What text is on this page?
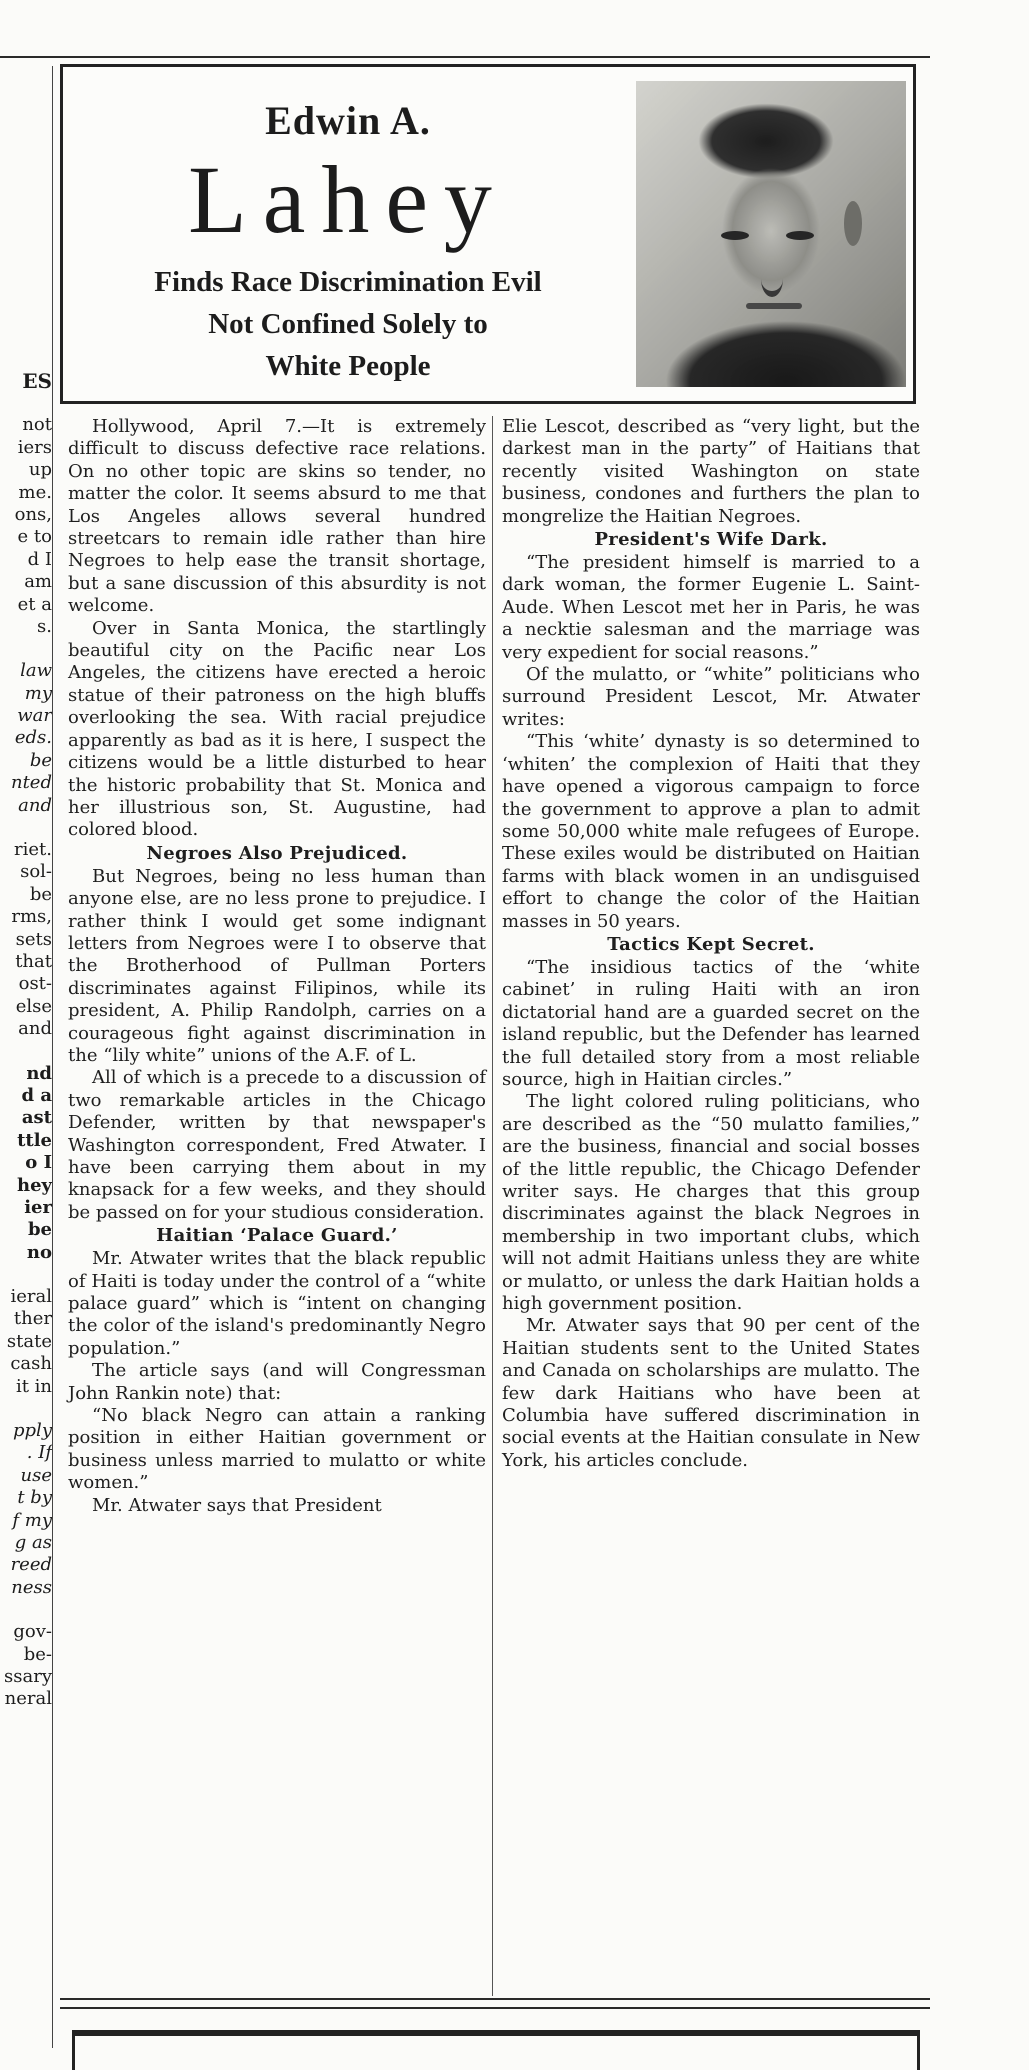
ES
not
iers
up
me.
ons,
e to
d I
am
et a
s.
law
my
war
eds.
be
nted
and
riet.
sol-
be
rms,
sets
that
ost-
else
and
nd
d a
ast
ttle
o I
hey
ier
be
no
ieral
ther
state
cash
it in
pply
. If
use
t by
f my
g as
reed
ness
gov-
be-
ssary
neral
Edwin A.
Lahey
Finds Race Discrimination Evil
Not Confined Solely to
White People

Hollywood, April 7.—It is extremely difficult to discuss defective race relations. On no other topic are skins so tender, no matter the color. It seems absurd to me that Los Angeles allows several hundred streetcars to remain idle rather than hire Negroes to help ease the transit shortage, but a sane discussion of this absurdity is not welcome.

Over in Santa Monica, the startlingly beautiful city on the Pacific near Los Angeles, the citizens have erected a heroic statue of their patroness on the high bluffs overlooking the sea. With racial prejudice apparently as bad as it is here, I suspect the citizens would be a little disturbed to hear the historic probability that St. Monica and her illustrious son, St. Augustine, had colored blood.

Negroes Also Prejudiced.

But Negroes, being no less human than anyone else, are no less prone to prejudice. I rather think I would get some indignant letters from Negroes were I to observe that the Brotherhood of Pullman Porters discriminates against Filipinos, while its president, A. Philip Randolph, carries on a courageous fight against discrimination in the “lily white” unions of the A.F. of L.

All of which is a precede to a discussion of two remarkable articles in the Chicago Defender, written by that newspaper's Washington correspondent, Fred Atwater. I have been carrying them about in my knapsack for a few weeks, and they should be passed on for your studious consideration.

Haitian ‘Palace Guard.’

Mr. Atwater writes that the black republic of Haiti is today under the control of a “white palace guard” which is “intent on changing the color of the island's predominantly Negro population.”

The article says (and will Congressman John Rankin note) that:

“No black Negro can attain a ranking position in either Haitian government or business unless married to mulatto or white women.”

Mr. Atwater says that President

Elie Lescot, described as “very light, but the darkest man in the party” of Haitians that recently visited Washington on state business, condones and furthers the plan to mongrelize the Haitian Negroes.

President's Wife Dark.

“The president himself is married to a dark woman, the former Eugenie L. Saint-Aude. When Lescot met her in Paris, he was a necktie salesman and the marriage was very expedient for social reasons.”

Of the mulatto, or “white” politicians who surround President Lescot, Mr. Atwater writes:

“This ‘white’ dynasty is so determined to ‘whiten’ the complexion of Haiti that they have opened a vigorous campaign to force the government to approve a plan to admit some 50,000 white male refugees of Europe. These exiles would be distributed on Haitian farms with black women in an undisguised effort to change the color of the Haitian masses in 50 years.

Tactics Kept Secret.

“The insidious tactics of the ‘white cabinet’ in ruling Haiti with an iron dictatorial hand are a guarded secret on the island republic, but the Defender has learned the full detailed story from a most reliable source, high in Haitian circles.”

The light colored ruling politicians, who are described as the “50 mulatto families,” are the business, financial and social bosses of the little republic, the Chicago Defender writer says. He charges that this group discriminates against the black Negroes in membership in two important clubs, which will not admit Haitians unless they are white or mulatto, or unless the dark Haitian holds a high government position.

Mr. Atwater says that 90 per cent of the Haitian students sent to the United States and Canada on scholarships are mulatto. The few dark Haitians who have been at Columbia have suffered discrimination in social events at the Haitian consulate in New York, his articles conclude.
